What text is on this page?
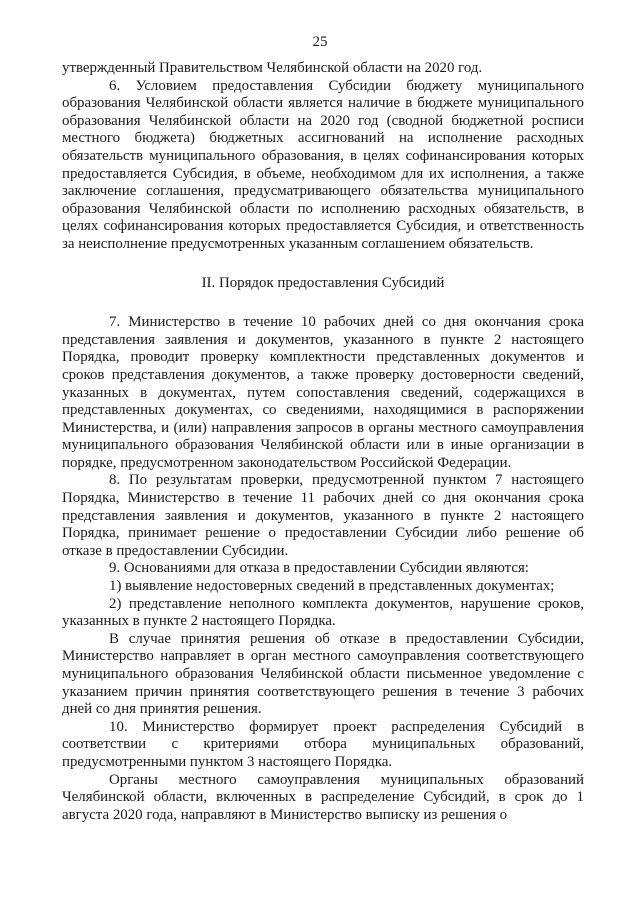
25

утвержденный Правительством Челябинской области на 2020 год.

6. Условием предоставления Субсидии бюджету муниципального образования Челябинской области является наличие в бюджете муниципального образования Челябинской области на 2020 год (сводной бюджетной росписи местного бюджета) бюджетных ассигнований на исполнение расходных обязательств муниципального образования, в целях софинансирования которых предоставляется Субсидия, в объеме, необходимом для их исполнения, а также заключение соглашения, предусматривающего обязательства муниципального образования Челябинской области по исполнению расходных обязательств, в целях софинансирования которых предоставляется Субсидия, и ответственность за неисполнение предусмотренных указанным соглашением обязательств.

II. Порядок предоставления Субсидий

7. Министерство в течение 10 рабочих дней со дня окончания срока представления заявления и документов, указанного в пункте 2 настоящего Порядка, проводит проверку комплектности представленных документов и сроков представления документов, а также проверку достоверности сведений, указанных в документах, путем сопоставления сведений, содержащихся в представленных документах, со сведениями, находящимися в распоряжении Министерства, и (или) направления запросов в органы местного самоуправления муниципального образования Челябинской области или в иные организации в порядке, предусмотренном законодательством Российской Федерации.

8. По результатам проверки, предусмотренной пунктом 7 настоящего Порядка, Министерство в течение 11 рабочих дней со дня окончания срока представления заявления и документов, указанного в пункте 2 настоящего Порядка, принимает решение о предоставлении Субсидии либо решение об отказе в предоставлении Субсидии.

9. Основаниями для отказа в предоставлении Субсидии являются:

1) выявление недостоверных сведений в представленных документах;

2) представление неполного комплекта документов, нарушение сроков, указанных в пункте 2 настоящего Порядка.

В случае принятия решения об отказе в предоставлении Субсидии, Министерство направляет в орган местного самоуправления соответствующего муниципального образования Челябинской области письменное уведомление с указанием причин принятия соответствующего решения в течение 3 рабочих дней со дня принятия решения.

10. Министерство формирует проект распределения Субсидий в соответствии с критериями отбора муниципальных образований, предусмотренными пунктом 3 настоящего Порядка.

Органы местного самоуправления муниципальных образований Челябинской области, включенных в распределение Субсидий, в срок до 1 августа 2020 года, направляют в Министерство выписку из решения о
